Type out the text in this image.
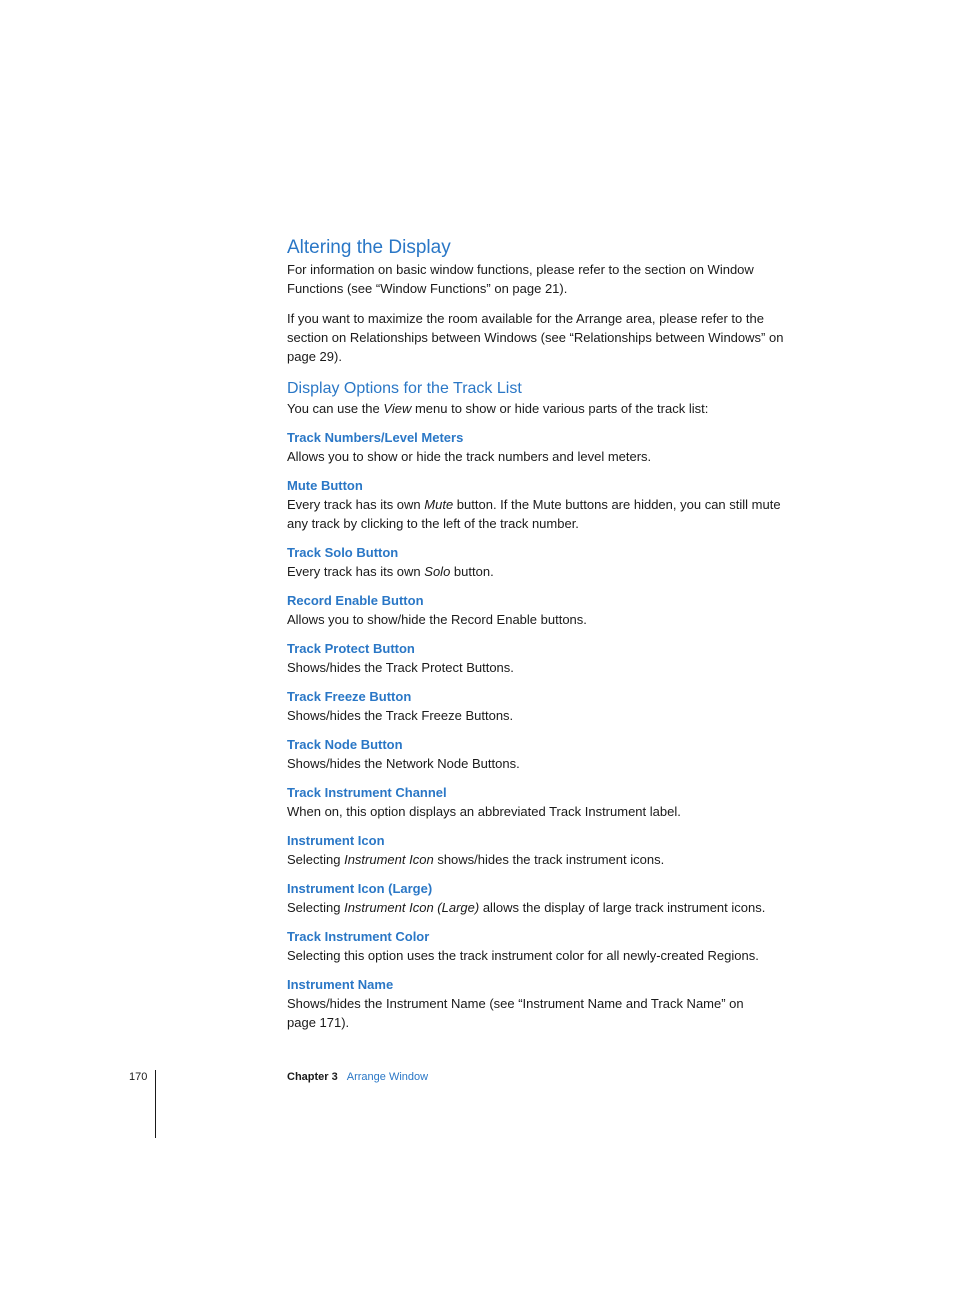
Altering the Display

For information on basic window functions, please refer to the section on Window Functions (see “Window Functions” on page 21).

If you want to maximize the room available for the Arrange area, please refer to the section on Relationships between Windows (see “Relationships between Windows” on page 29).

Display Options for the Track List

You can use the View menu to show or hide various parts of the track list:

Track Numbers/Level Meters

Allows you to show or hide the track numbers and level meters.

Mute Button

Every track has its own Mute button. If the Mute buttons are hidden, you can still mute any track by clicking to the left of the track number.

Track Solo Button

Every track has its own Solo button.

Record Enable Button

Allows you to show/hide the Record Enable buttons.

Track Protect Button

Shows/hides the Track Protect Buttons.

Track Freeze Button

Shows/hides the Track Freeze Buttons.

Track Node Button

Shows/hides the Network Node Buttons.

Track Instrument Channel

When on, this option displays an abbreviated Track Instrument label.

Instrument Icon

Selecting Instrument Icon shows/hides the track instrument icons.

Instrument Icon (Large)

Selecting Instrument Icon (Large) allows the display of large track instrument icons.

Track Instrument Color

Selecting this option uses the track instrument color for all newly-created Regions.

Instrument Name

Shows/hides the Instrument Name (see “Instrument Name and Track Name” on page 171).

170	Chapter 3 Arrange Window
